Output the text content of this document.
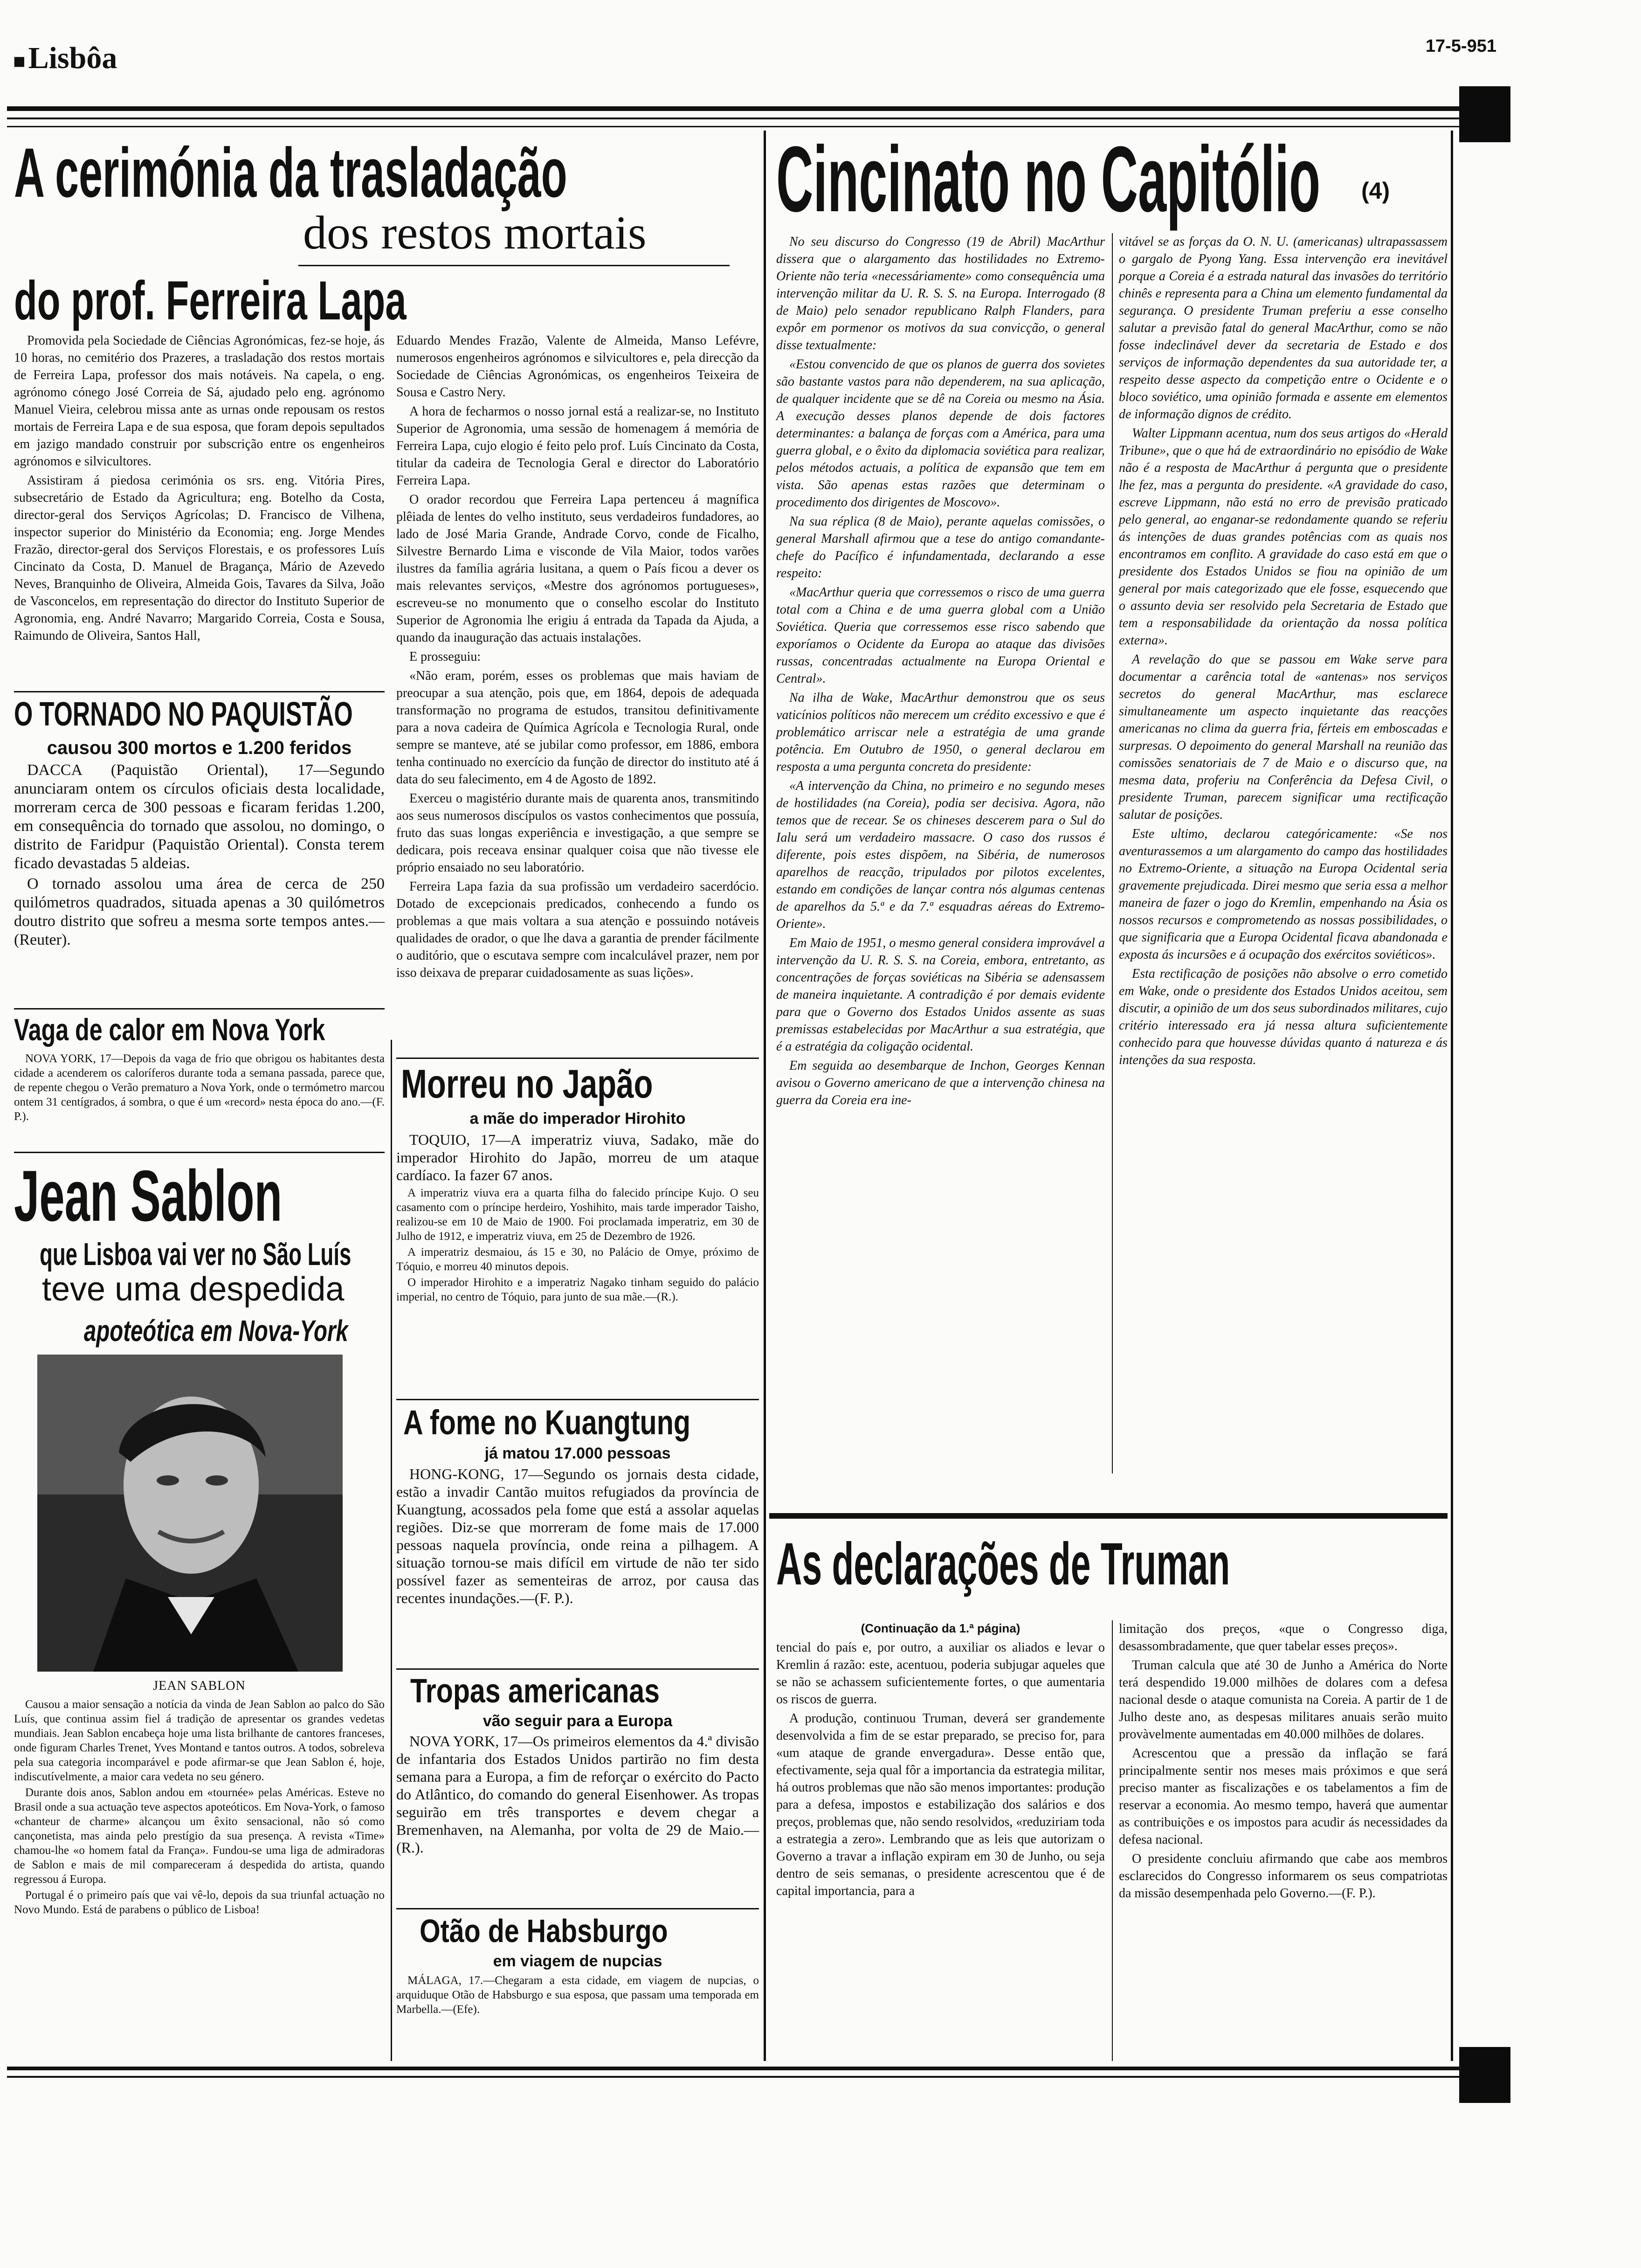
■Lisbôa	17-5-951
A cerimónia da trasladação
dos restos mortais
do prof. Ferreira Lapa

Promovida pela Sociedade de Ciências Agronómicas, fez-se hoje, ás 10 horas, no cemitério dos Prazeres, a trasladação dos restos mortais de Ferreira Lapa, professor dos mais notáveis. Na capela, o eng. agrónomo cónego José Correia de Sá, ajudado pelo eng. agrónomo Manuel Vieira, celebrou missa ante as urnas onde repousam os restos mortais de Ferreira Lapa e de sua esposa, que foram depois sepultados em jazigo mandado construir por subscrição entre os engenheiros agrónomos e silvicultores.

Assistiram á piedosa cerimónia os srs. eng. Vitória Pires, subsecretário de Estado da Agricultura; eng. Botelho da Costa, director-geral dos Serviços Agrícolas; D. Francisco de Vilhena, inspector superior do Ministério da Economia; eng. Jorge Mendes Frazão, director-geral dos Serviços Florestais, e os professores Luís Cincinato da Costa, D. Manuel de Bragança, Mário de Azevedo Neves, Branquinho de Oliveira, Almeida Gois, Tavares da Silva, João de Vasconcelos, em representação do director do Instituto Superior de Agronomia, eng. André Navarro; Margarido Correia, Costa e Sousa, Raimundo de Oliveira, Santos Hall,

Eduardo Mendes Frazão, Valente de Almeida, Manso Lefévre, numerosos engenheiros agrónomos e silvicultores e, pela direcção da Sociedade de Ciências Agronómicas, os engenheiros Teixeira de Sousa e Castro Nery.

A hora de fecharmos o nosso jornal está a realizar-se, no Instituto Superior de Agronomia, uma sessão de homenagem á memória de Ferreira Lapa, cujo elogio é feito pelo prof. Luís Cincinato da Costa, titular da cadeira de Tecnologia Geral e director do Laboratório Ferreira Lapa.

O orador recordou que Ferreira Lapa pertenceu á magnífica plêiada de lentes do velho instituto, seus verdadeiros fundadores, ao lado de José Maria Grande, Andrade Corvo, conde de Ficalho, Silvestre Bernardo Lima e visconde de Vila Maior, todos varões ilustres da família agrária lusitana, a quem o País ficou a dever os mais relevantes serviços, «Mestre dos agrónomos portugueses», escreveu-se no monumento que o conselho escolar do Instituto Superior de Agronomia lhe erigiu á entrada da Tapada da Ajuda, a quando da inauguração das actuais instalações.

E prosseguiu:

«Não eram, porém, esses os problemas que mais haviam de preocupar a sua atenção, pois que, em 1864, depois de adequada transformação no programa de estudos, transitou definitivamente para a nova cadeira de Química Agrícola e Tecnologia Rural, onde sempre se manteve, até se jubilar como professor, em 1886, embora tenha continuado no exercício da função de director do instituto até á data do seu falecimento, em 4 de Agosto de 1892.

Exerceu o magistério durante mais de quarenta anos, transmitindo aos seus numerosos discípulos os vastos conhecimentos que possuía, fruto das suas longas experiência e investigação, a que sempre se dedicara, pois receava ensinar qualquer coisa que não tivesse ele próprio ensaiado no seu laboratório.

Ferreira Lapa fazia da sua profissão um verdadeiro sacerdócio. Dotado de excepcionais predicados, conhecendo a fundo os problemas a que mais voltara a sua atenção e possuindo notáveis qualidades de orador, o que lhe dava a garantia de prender fácilmente o auditório, que o escutava sempre com incalculável prazer, nem por isso deixava de preparar cuidadosamente as suas lições».

O TORNADO NO PAQUISTÃO
causou 300 mortos e 1.200 feridos

DACCA (Paquistão Oriental), 17—Segundo anunciaram ontem os círculos oficiais desta localidade, morreram cerca de 300 pessoas e ficaram feridas 1.200, em consequência do tornado que assolou, no domingo, o distrito de Faridpur (Paquistão Oriental). Consta terem ficado devastadas 5 aldeias.

O tornado assolou uma área de cerca de 250 quilómetros quadrados, situada apenas a 30 quilómetros doutro distrito que sofreu a mesma sorte tempos antes.—(Reuter).

Vaga de calor em Nova York

NOVA YORK, 17—Depois da vaga de frio que obrigou os habitantes desta cidade a acenderem os caloríferos durante toda a semana passada, parece que, de repente chegou o Verão prematuro a Nova York, onde o termómetro marcou ontem 31 centígrados, á sombra, o que é um «record» nesta época do ano.—(F. P.).

Jean Sablon
que Lisboa vai ver no São Luís
teve uma despedida
apoteótica em Nova-York
JEAN SABLON

Causou a maior sensação a notícia da vinda de Jean Sablon ao palco do São Luís, que continua assim fiel á tradição de apresentar os grandes vedetas mundiais. Jean Sablon encabeça hoje uma lista brilhante de cantores franceses, onde figuram Charles Trenet, Yves Montand e tantos outros. A todos, sobreleva pela sua categoria incomparável e pode afirmar-se que Jean Sablon é, hoje, indiscutívelmente, a maior cara vedeta no seu género.

Durante dois anos, Sablon andou em «tournée» pelas Américas. Esteve no Brasil onde a sua actuação teve aspectos apoteóticos. Em Nova-York, o famoso «chanteur de charme» alcançou um êxito sensacional, não só como cançonetista, mas ainda pelo prestígio da sua presença. A revista «Time» chamou-lhe «o homem fatal da França». Fundou-se uma liga de admiradoras de Sablon e mais de mil compareceram á despedida do artista, quando regressou á Europa.

Portugal é o primeiro país que vai vê-lo, depois da sua triunfal actuação no Novo Mundo. Está de parabens o público de Lisboa!

Morreu no Japão
a mãe do imperador Hirohito

TOQUIO, 17—A imperatriz viuva, Sadako, mãe do imperador Hirohito do Japão, morreu de um ataque cardíaco. Ia fazer 67 anos.

A imperatriz viuva era a quarta filha do falecido príncipe Kujo. O seu casamento com o príncipe herdeiro, Yoshihito, mais tarde imperador Taisho, realizou-se em 10 de Maio de 1900. Foi proclamada imperatriz, em 30 de Julho de 1912, e imperatriz viuva, em 25 de Dezembro de 1926.

A imperatriz desmaiou, ás 15 e 30, no Palácio de Omye, próximo de Tóquio, e morreu 40 minutos depois.

O imperador Hirohito e a imperatriz Nagako tinham seguido do palácio imperial, no centro de Tóquio, para junto de sua mãe.—(R.).

A fome no Kuangtung
já matou 17.000 pessoas

HONG-KONG, 17—Segundo os jornais desta cidade, estão a invadir Cantão muitos refugiados da província de Kuangtung, acossados pela fome que está a assolar aquelas regiões. Diz-se que morreram de fome mais de 17.000 pessoas naquela província, onde reina a pilhagem. A situação tornou-se mais difícil em virtude de não ter sido possível fazer as sementeiras de arroz, por causa das recentes inundações.—(F. P.).

Tropas americanas
vão seguir para a Europa

NOVA YORK, 17—Os primeiros elementos da 4.ª divisão de infantaria dos Estados Unidos partirão no fim desta semana para a Europa, a fim de reforçar o exército do Pacto do Atlântico, do comando do general Eisenhower. As tropas seguirão em três transportes e devem chegar a Bremenhaven, na Alemanha, por volta de 29 de Maio.—(R.).

Otão de Habsburgo
em viagem de nupcias

MÁLAGA, 17.—Chegaram a esta cidade, em viagem de nupcias, o arquiduque Otão de Habsburgo e sua esposa, que passam uma temporada em Marbella.—(Efe).

Cincinato no Capitólio	(4)

No seu discurso do Congresso (19 de Abril) MacArthur dissera que o alargamento das hostilidades no Extremo-Oriente não teria «necessáriamente» como consequência uma intervenção militar da U. R. S. S. na Europa. Interrogado (8 de Maio) pelo senador republicano Ralph Flanders, para expôr em pormenor os motivos da sua convicção, o general disse textualmente:

«Estou convencido de que os planos de guerra dos sovietes são bastante vastos para não dependerem, na sua aplicação, de qualquer incidente que se dê na Coreia ou mesmo na Ásia. A execução desses planos depende de dois factores determinantes: a balança de forças com a América, para uma guerra global, e o êxito da diplomacia soviética para realizar, pelos métodos actuais, a política de expansão que tem em vista. São apenas estas razões que determinam o procedimento dos dirigentes de Moscovo».

Na sua réplica (8 de Maio), perante aquelas comissões, o general Marshall afirmou que a tese do antigo comandante-chefe do Pacífico é infundamentada, declarando a esse respeito:

«MacArthur queria que corressemos o risco de uma guerra total com a China e de uma guerra global com a União Soviética. Queria que corressemos esse risco sabendo que exporíamos o Ocidente da Europa ao ataque das divisões russas, concentradas actualmente na Europa Oriental e Central».

Na ilha de Wake, MacArthur demonstrou que os seus vaticínios políticos não merecem um crédito excessivo e que é problemático arriscar nele a estratégia de uma grande potência. Em Outubro de 1950, o general declarou em resposta a uma pergunta concreta do presidente:

«A intervenção da China, no primeiro e no segundo meses de hostilidades (na Coreia), podia ser decisiva. Agora, não temos que de recear. Se os chineses descerem para o Sul do Ialu será um verdadeiro massacre. O caso dos russos é diferente, pois estes dispõem, na Sibéria, de numerosos aparelhos de reacção, tripulados por pilotos excelentes, estando em condições de lançar contra nós algumas centenas de aparelhos da 5.ª e da 7.ª esquadras aéreas do Extremo-Oriente».

Em Maio de 1951, o mesmo general considera improvável a intervenção da U. R. S. S. na Coreia, embora, entretanto, as concentrações de forças soviéticas na Sibéria se adensassem de maneira inquietante. A contradição é por demais evidente para que o Governo dos Estados Unidos assente as suas premissas estabelecidas por MacArthur a sua estratégia, que é a estratégia da coligação ocidental.

Em seguida ao desembarque de Inchon, Georges Kennan avisou o Governo americano de que a intervenção chinesa na guerra da Coreia era ine-

vitável se as forças da O. N. U. (americanas) ultrapassassem o gargalo de Pyong Yang. Essa intervenção era inevitável porque a Coreia é a estrada natural das invasões do território chinês e representa para a China um elemento fundamental da segurança. O presidente Truman preferiu a esse conselho salutar a previsão fatal do general MacArthur, como se não fosse indeclinável dever da secretaria de Estado e dos serviços de informação dependentes da sua autoridade ter, a respeito desse aspecto da competição entre o Ocidente e o bloco soviético, uma opinião formada e assente em elementos de informação dignos de crédito.

Walter Lippmann acentua, num dos seus artigos do «Herald Tribune», que o que há de extraordinário no episódio de Wake não é a resposta de MacArthur á pergunta que o presidente lhe fez, mas a pergunta do presidente. «A gravidade do caso, escreve Lippmann, não está no erro de previsão praticado pelo general, ao enganar-se redondamente quando se referiu ás intenções de duas grandes potências com as quais nos encontramos em conflito. A gravidade do caso está em que o presidente dos Estados Unidos se fiou na opinião de um general por mais categorizado que ele fosse, esquecendo que o assunto devia ser resolvido pela Secretaria de Estado que tem a responsabilidade da orientação da nossa política externa».

A revelação do que se passou em Wake serve para documentar a carência total de «antenas» nos serviços secretos do general MacArthur, mas esclarece simultaneamente um aspecto inquietante das reacções americanas no clima da guerra fria, férteis em emboscadas e surpresas. O depoimento do general Marshall na reunião das comissões senatoriais de 7 de Maio e o discurso que, na mesma data, proferiu na Conferência da Defesa Civil, o presidente Truman, parecem significar uma rectificação salutar de posições.

Este ultimo, declarou categóricamente: «Se nos aventurassemos a um alargamento do campo das hostilidades no Extremo-Oriente, a situação na Europa Ocidental seria gravemente prejudicada. Direi mesmo que seria essa a melhor maneira de fazer o jogo do Kremlin, empenhando na Ásia os nossos recursos e comprometendo as nossas possibilidades, o que significaria que a Europa Ocidental ficava abandonada e exposta ás incursões e á ocupação dos exércitos soviéticos».

Esta rectificação de posições não absolve o erro cometido em Wake, onde o presidente dos Estados Unidos aceitou, sem discutir, a opinião de um dos seus subordinados militares, cujo critério interessado era já nessa altura suficientemente conhecido para que houvesse dúvidas quanto á natureza e ás intenções da sua resposta.

As declarações de Truman
(Continuação da 1.ª página)

tencial do país e, por outro, a auxiliar os aliados e levar o Kremlin á razão: este, acentuou, poderia subjugar aqueles que se não se achassem suficientemente fortes, o que aumentaria os riscos de guerra.

A produção, continuou Truman, deverá ser grandemente desenvolvida a fim de se estar preparado, se preciso for, para «um ataque de grande envergadura». Desse então que, efectivamente, seja qual fôr a importancia da estrategia militar, há outros problemas que não são menos importantes: produção para a defesa, impostos e estabilização dos salários e dos preços, problemas que, não sendo resolvidos, «reduziriam toda a estrategia a zero». Lembrando que as leis que autorizam o Governo a travar a inflação expiram em 30 de Junho, ou seja dentro de seis semanas, o presidente acrescentou que é de capital importancia, para a

limitação dos preços, «que o Congresso diga, desassombradamente, que quer tabelar esses preços».

Truman calcula que até 30 de Junho a América do Norte terá despendido 19.000 milhões de dolares com a defesa nacional desde o ataque comunista na Coreia. A partir de 1 de Julho deste ano, as despesas militares anuais serão muito provàvelmente aumentadas em 40.000 milhões de dolares.

Acrescentou que a pressão da inflação se fará principalmente sentir nos meses mais próximos e que será preciso manter as fiscalizações e os tabelamentos a fim de reservar a economia. Ao mesmo tempo, haverá que aumentar as contribuições e os impostos para acudir ás necessidades da defesa nacional.

O presidente concluiu afirmando que cabe aos membros esclarecidos do Congresso informarem os seus compatriotas da missão desempenhada pelo Governo.—(F. P.).
